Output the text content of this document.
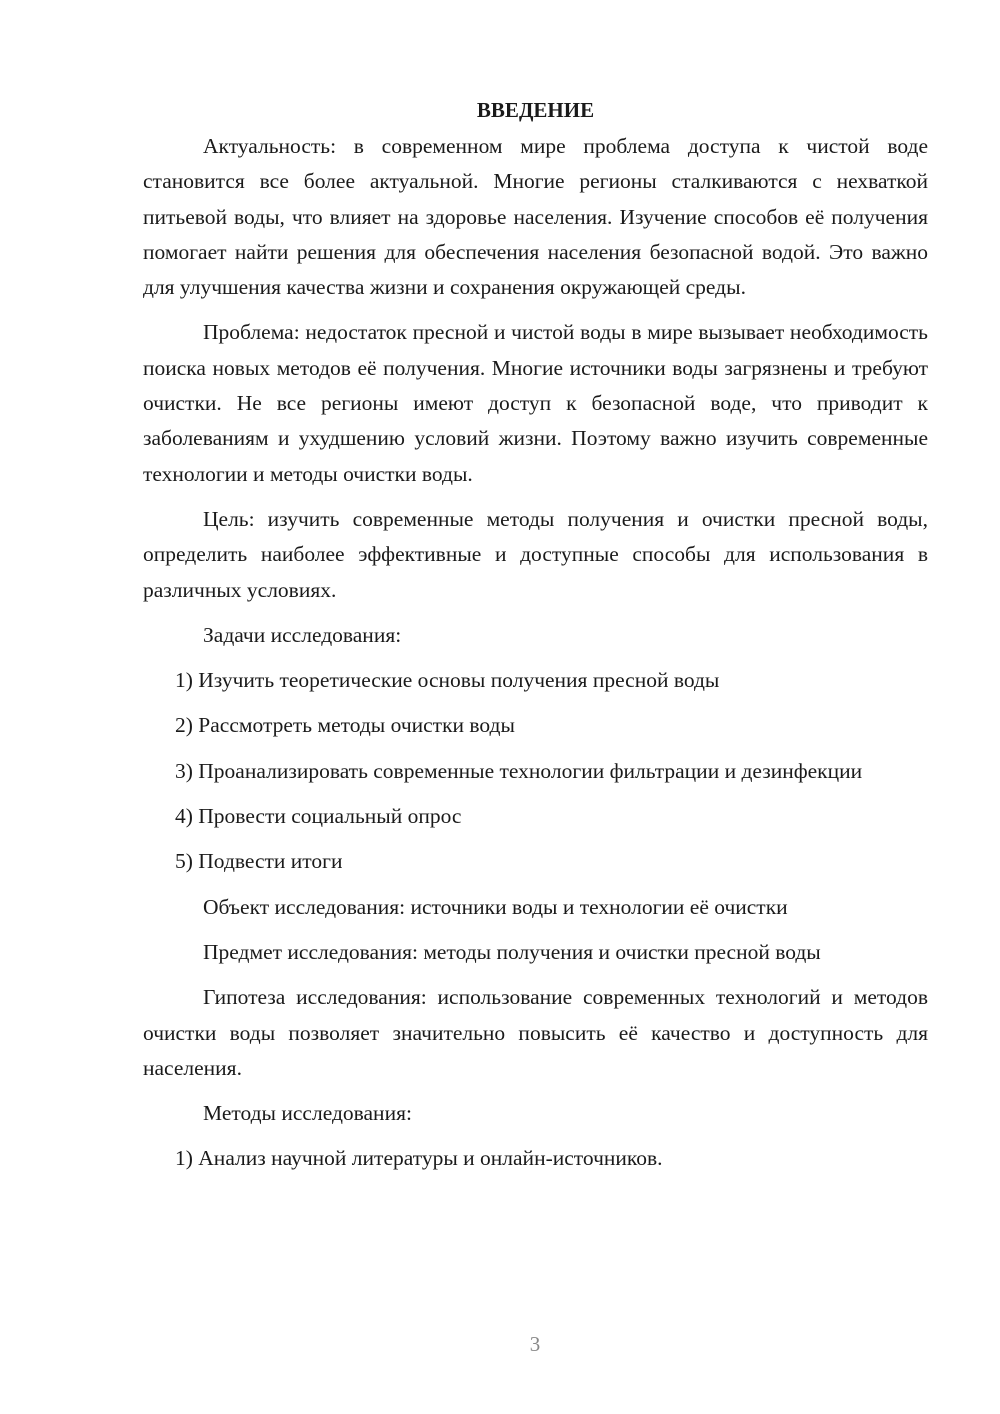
ВВЕДЕНИЕ

Актуальность: в современном мире проблема доступа к чистой воде становится все более актуальной. Многие регионы сталкиваются с нехваткой питьевой воды, что влияет на здоровье населения. Изучение способов её получения помогает найти решения для обеспечения населения безопасной водой. Это важно для улучшения качества жизни и сохранения окружающей среды.

Проблема: недостаток пресной и чистой воды в мире вызывает необходимость поиска новых методов её получения. Многие источники воды загрязнены и требуют очистки. Не все регионы имеют доступ к безопасной воде, что приводит к заболеваниям и ухудшению условий жизни. Поэтому важно изучить современные технологии и методы очистки воды.

Цель: изучить современные методы получения и очистки пресной воды, определить наиболее эффективные и доступные способы для использования в различных условиях.

Задачи исследования:

1) Изучить теоретические основы получения пресной воды

2) Рассмотреть методы очистки воды

3) Проанализировать современные технологии фильтрации и дезинфекции

4) Провести социальный опрос

5) Подвести итоги

Объект исследования: источники воды и технологии её очистки

Предмет исследования: методы получения и очистки пресной воды

Гипотеза исследования: использование современных технологий и методов очистки воды позволяет значительно повысить её качество и доступность для населения.

Методы исследования:

1) Анализ научной литературы и онлайн-источников.

3
